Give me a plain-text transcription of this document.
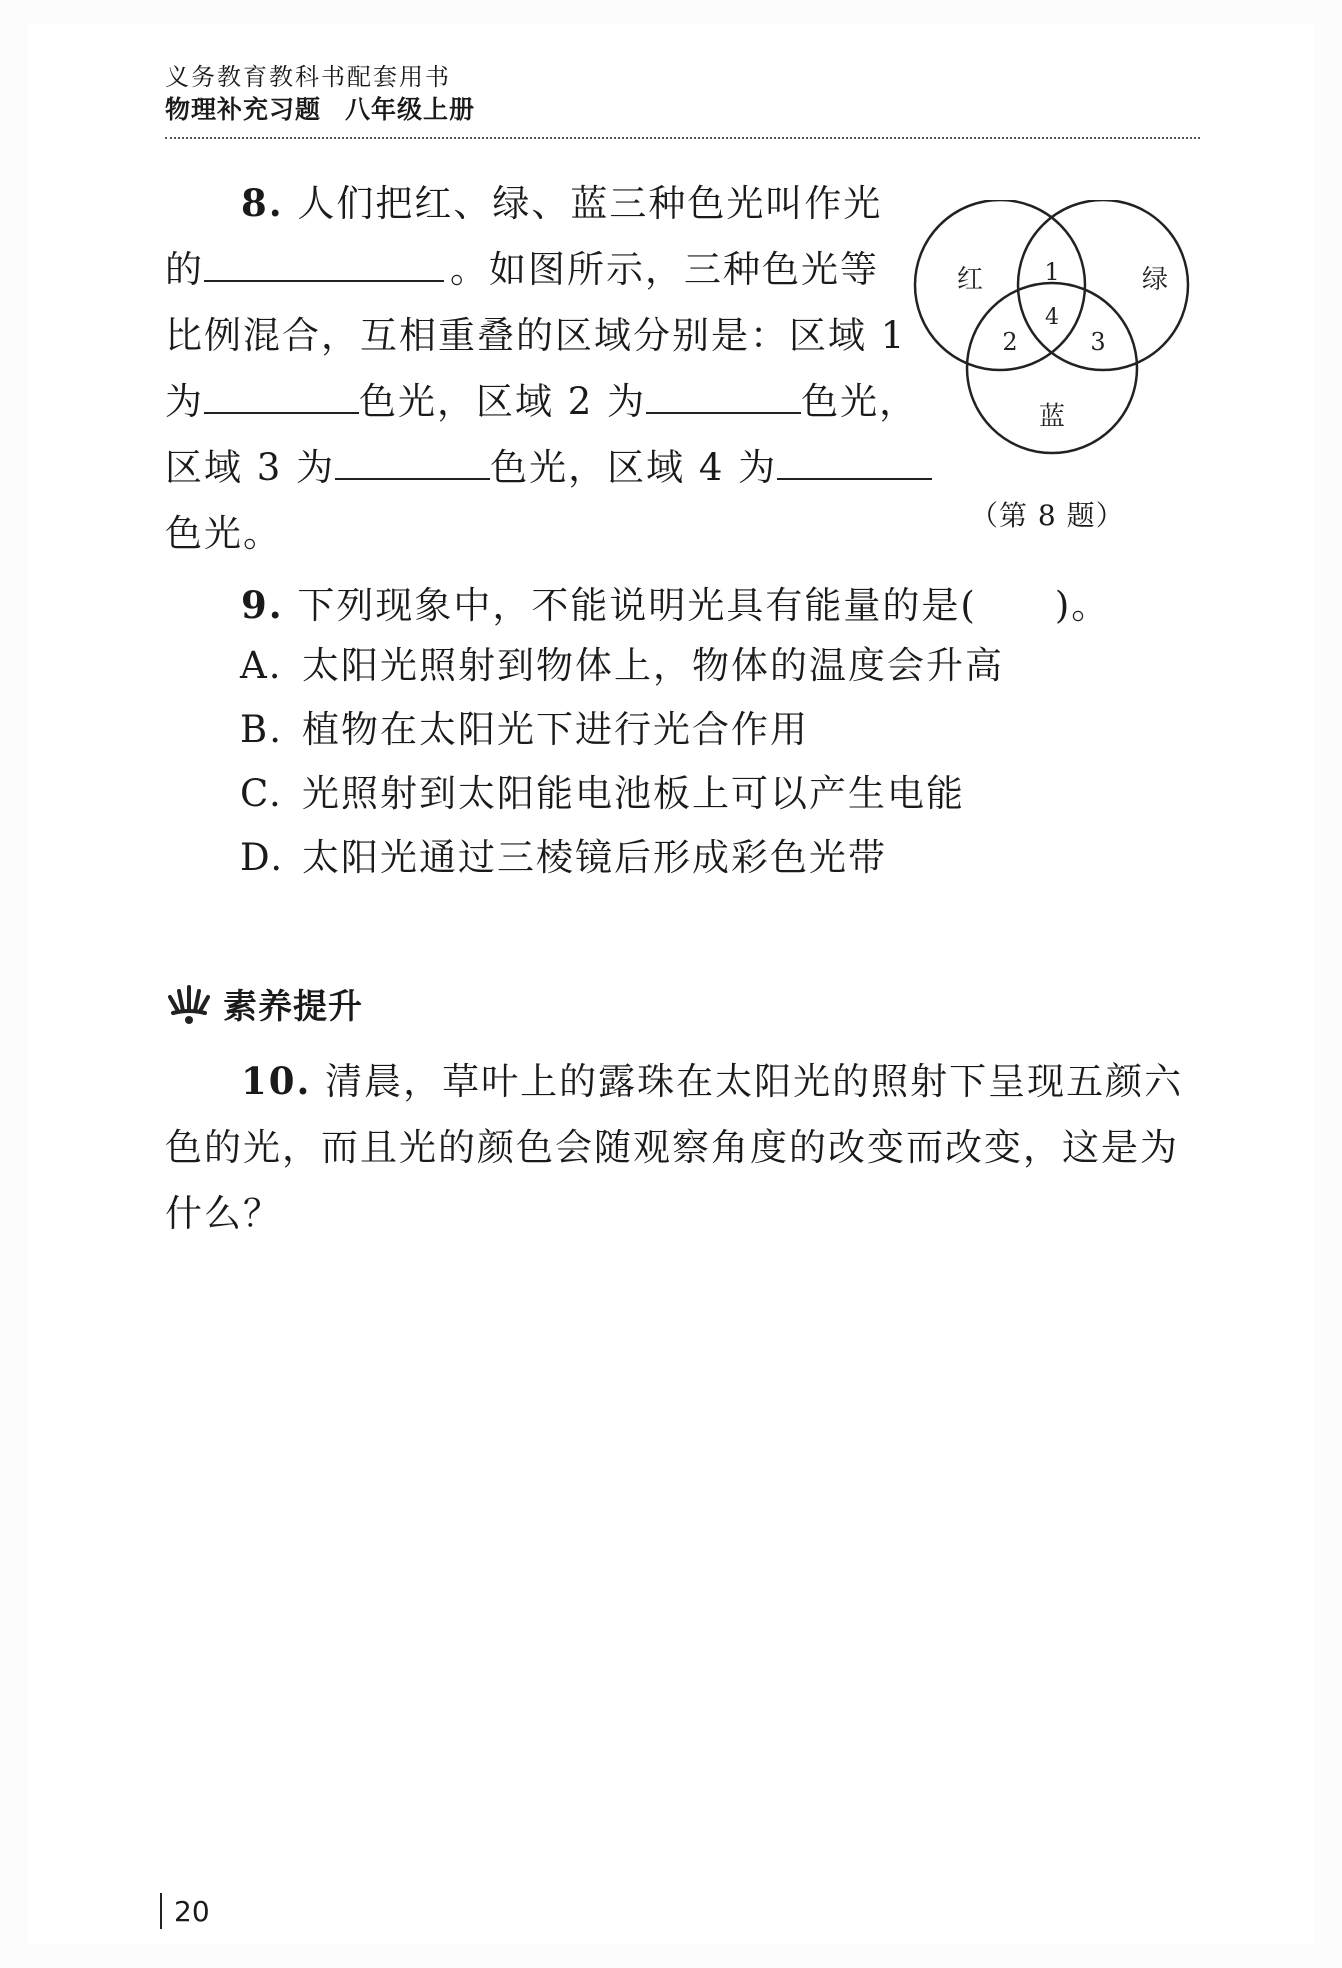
义务教育教科书配套用书
物理补充习题 八年级上册
8. 人们把红、绿、蓝三种色光叫作光
的	。如图所示，三种色光等
比例混合，互相重叠的区域分别是：区域 1
为	色光，区域 2 为	色光，
区域 3 为	色光，区域 4 为
色光。
红	绿
蓝
1
2	3
4
（第 8 题）
9. 下列现象中，不能说明光具有能量的是(　　)。
A. 太阳光照射到物体上，物体的温度会升高
B. 植物在太阳光下进行光合作用
C. 光照射到太阳能电池板上可以产生电能
D. 太阳光通过三棱镜后形成彩色光带
素养提升
10. 清晨，草叶上的露珠在太阳光的照射下呈现五颜六色的光，而且光的颜色会随观察角度的改变而改变，这是为什么？
20
